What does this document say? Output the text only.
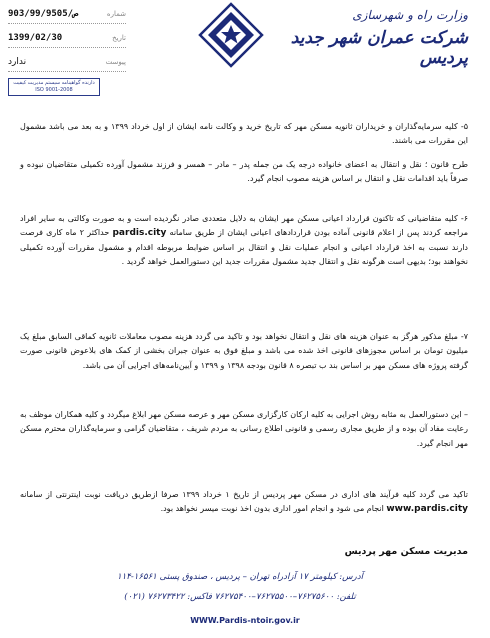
903/ص/99/9505	شماره
1399/02/30	تاریخ
ندارد	پیوست
دارنده گواهینامه سیستم مدیریت کیفیت
ISO 9001-2008
وزارت راه و شهرسازی
شرکت عمران شهر جدید پردیس

۵- کلیه سرمایه‌گذاران و خریداران ثانویه مسکن مهر که تاریخ خرید و وکالت نامه ایشان از اول خرداد ۱۳۹۹ و به بعد می باشد مشمول این مقررات می باشند.

طرح قانون ؛ نقل و انتقال به اعضای خانواده درجه یک من جمله پدر – مادر – همسر و فرزند مشمول آورده تکمیلی متقاضیان نبوده و صرفاً باید اقدامات نقل و انتقال بر اساس هزینه مصوب انجام گیرد.

۶- کلیه متقاضیانی که تاکنون قرارداد اعیانی مسکن مهر ایشان به دلایل متعددی صادر نگردیده است و به صورت وکالتی به سایر افراد مراجعه کردند پس از اعلام قانونی آماده بودن قراردادهای اعیانی ایشان از طریق سامانه pardis.city حداکثر ۲ ماه کاری فرصت دارند نسبت به اخذ قرارداد اعیانی و انجام عملیات نقل و انتقال بر اساس ضوابط مربوطه اقدام و مشمول مقررات آورده تکمیلی نخواهند بود؛ بدیهی است هرگونه نقل و انتقال جدید مشمول مقررات جدید این دستورالعمل خواهد گردید .

۷- مبلغ مذکور هرگز به عنوان هزینه های نقل و انتقال نخواهد بود و تاکید می گردد هزینه مصوب معاملات ثانویه کماقی السابق مبلغ یک میلیون تومان بر اساس مجوزهای قانونی اخذ شده می باشد و مبلغ فوق به عنوان جبران بخشی از کمک های بلاعوض قانونی صورت گرفته پروژه های مسکن مهر بر اساس بند ب تبصره ۸ قانون بودجه ۱۳۹۸ و ۱۳۹۹ و آیین‌نامه‌های اجرایی آن می باشد.

– این دستورالعمل به مثابه روش اجرایی به کلیه ارکان کارگزاری مسکن مهر و عرصه مسکن مهر ابلاغ میگردد و کلیه همکاران موظف به رعایت مفاد آن بوده و از طریق مجاری رسمی و قانونی اطلاع رسانی به مردم شریف ، متقاضیان گرامی و سرمایه‌گذاران محترم مسکن مهر انجام گیرد.

تاکید می گردد کلیه فرآیند های اداری در مسکن مهر پردیس از تاریخ ۱ خرداد ۱۳۹۹ صرفا ازطریق دریافت نوبت اینترنتی از سامانه www.pardis.city انجام می شود و انجام امور اداری بدون اخذ نوبت میسر نخواهد بود.

مدیریت مسکن مهر پردیس
آدرس: کیلومتر ۱۷ آزادراه تهران – پردیس ، صندوق پستی ۱۶۵۶۱-۱۱۴
تلفن: ۷۶۲۷۵۶۰۰–۷۶۲۷۵۵۰۰–۷۶۲۷۵۴۰۰ فاکس: ۷۶۲۷۳۴۲۲ (۰۲۱)
WWW.Pardis-ntoir.gov.ir
